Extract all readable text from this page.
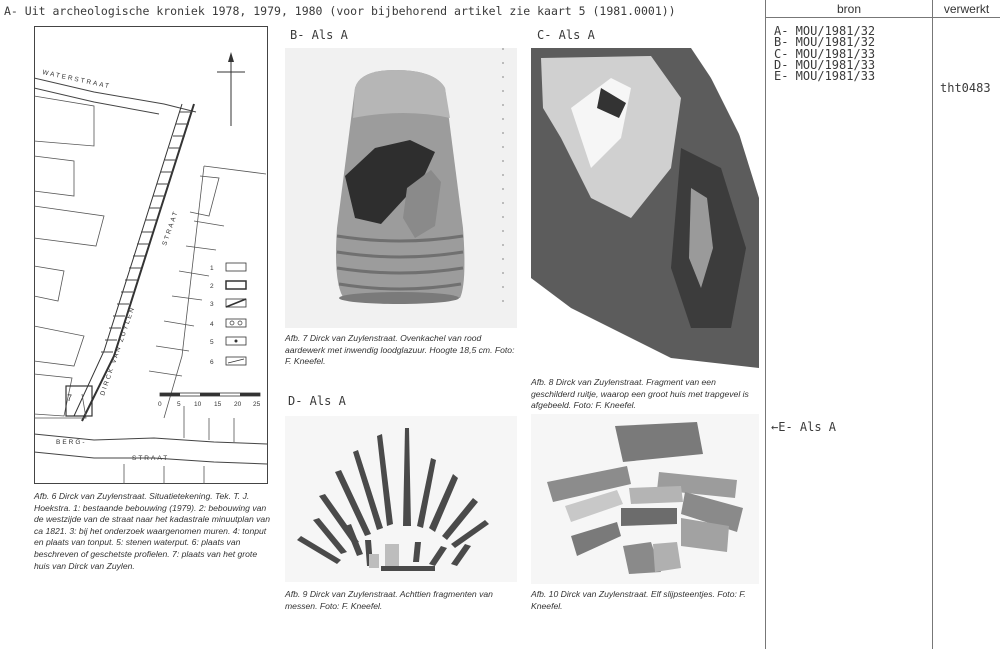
A- Uit archeologische kroniek 1978, 1979, 1980 (voor bijbehorend artikel zie kaart 5 (1981.0001))	bron	verwerkt
A- MOU/1981/32
B- MOU/1981/32
C- MOU/1981/33
D- MOU/1981/33
E- MOU/1981/33
tht0483
←E- Als A
B- Als A	C- Als A
D- Als A
7
WATERSTRAAT
DIRCK VAN ZUYLEN
STRAAT
BERG-
STRAAT
1
2
3
4
5
6
0 5 10 15 20 25
Afb. 6 Dirck van Zuylenstraat. Situatietekening. Tek. T. J. Hoekstra. 1: bestaande bebouwing (1979). 2: bebouwing van de westzijde van de straat naar het kadastrale minuutplan van ca 1821. 3: bij het onderzoek waargenomen muren. 4: tonput en plaats van tonput. 5: stenen waterput. 6: plaats van beschreven of geschetste profielen. 7: plaats van het grote huis van Dirck van Zuylen.
Afb. 7 Dirck van Zuylenstraat. Ovenkachel van rood aardewerk met inwendig loodglazuur. Hoogte 18,5 cm. Foto: F. Kneefel.
Afb. 8 Dirck van Zuylenstraat. Fragment van een geschilderd ruitje, waarop een groot huis met trapgevel is afgebeeld. Foto: F. Kneefel.
Afb. 9 Dirck van Zuylenstraat. Achttien fragmenten van messen. Foto: F. Kneefel.
Afb. 10 Dirck van Zuylenstraat. Elf slijpsteentjes. Foto: F. Kneefel.
